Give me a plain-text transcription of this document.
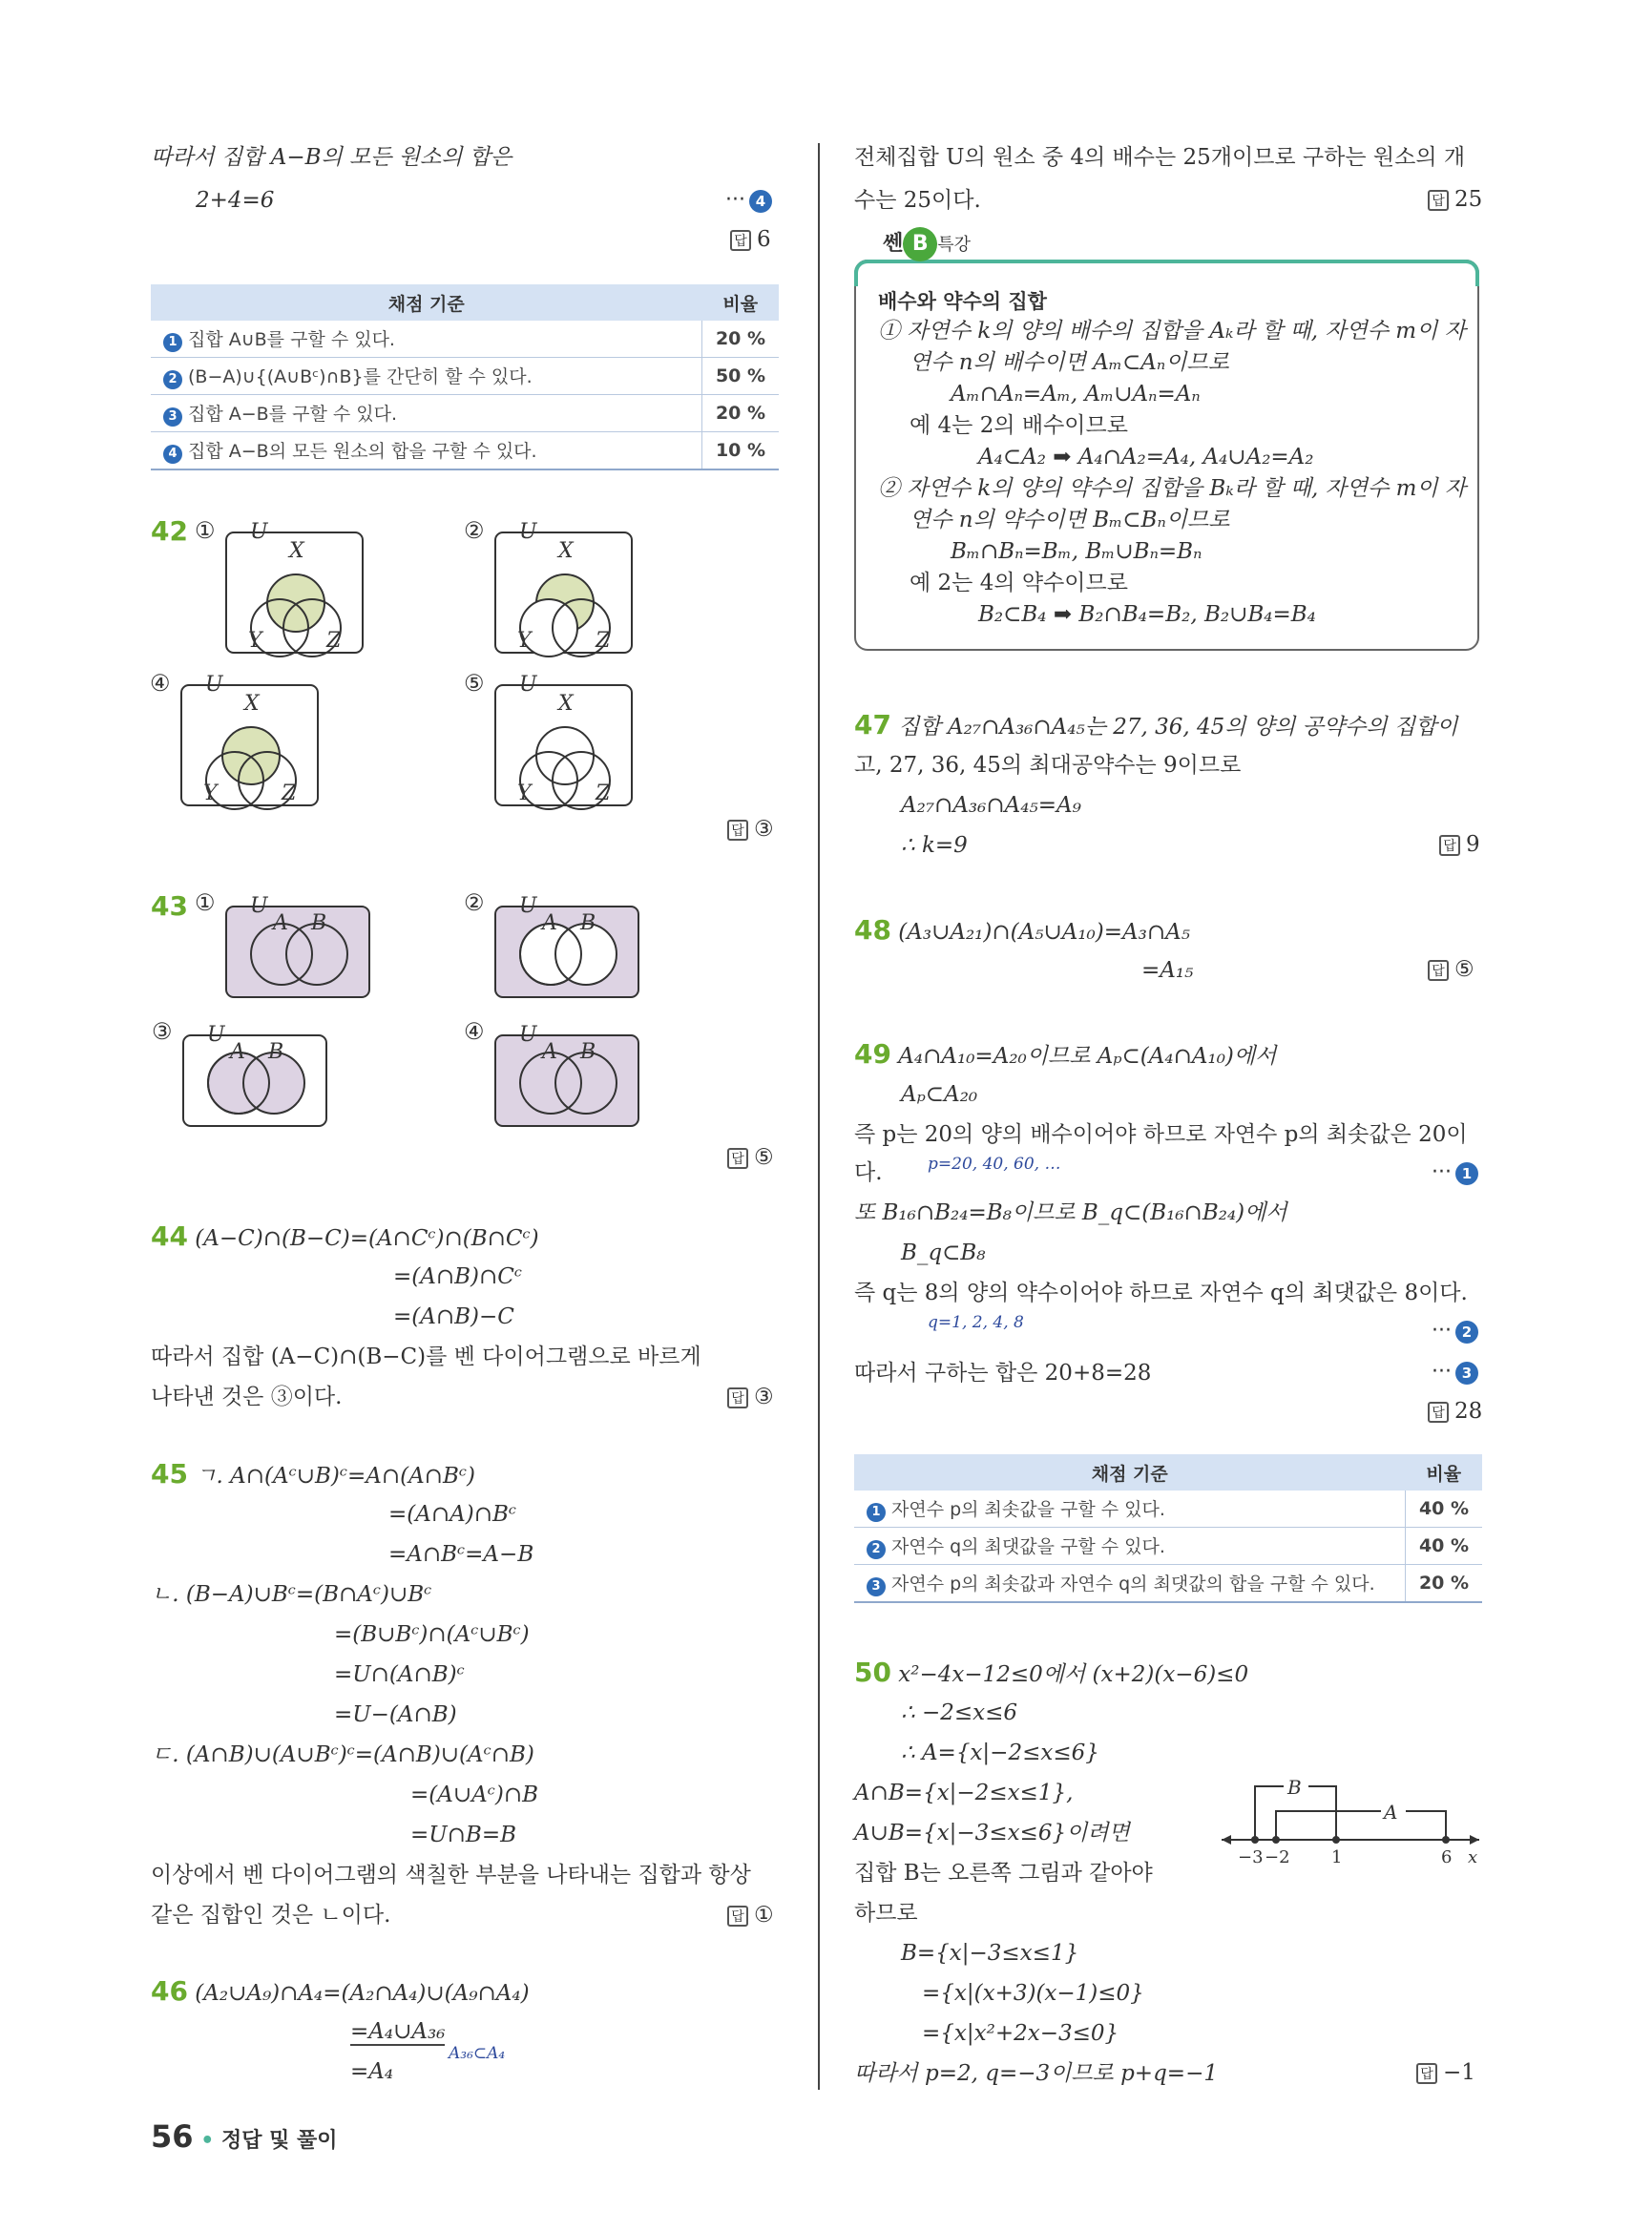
따라서 집합 A−B의 모든 원소의 합은
2+4=6	··· 4
답 6
채점 기준	비율
1 집합 A∪B를 구할 수 있다.	20 %
2 (B−A)∪{(A∪Bᶜ)∩B}를 간단히 할 수 있다.	50 %
3 집합 A−B를 구할 수 있다.	20 %
4 집합 A−B의 모든 원소의 합을 구할 수 있다.	10 %
42 ① U
X
Y	Z
② U
X
Y	Z
④ U
X
Y	Z
⑤ U
X
Y	Z
답 ③
43 ① U
A B
② U
A B
③ U
A B
④ U
A B
답 ⑤
44 (A−C)∩(B−C)=(A∩Cᶜ)∩(B∩Cᶜ)
=(A∩B)∩Cᶜ
=(A∩B)−C
따라서 집합 (A−C)∩(B−C)를 벤 다이어그램으로 바르게
나타낸 것은 ③이다.	답 ③
45 ㄱ. A∩(Aᶜ∪B)ᶜ=A∩(A∩Bᶜ)
=(A∩A)∩Bᶜ
=A∩Bᶜ=A−B
ㄴ. (B−A)∪Bᶜ=(B∩Aᶜ)∪Bᶜ
=(B∪Bᶜ)∩(Aᶜ∪Bᶜ)
=U∩(A∩B)ᶜ
=U−(A∩B)
ㄷ. (A∩B)∪(A∪Bᶜ)ᶜ=(A∩B)∪(Aᶜ∩B)
=(A∪Aᶜ)∩B
=U∩B=B
이상에서 벤 다이어그램의 색칠한 부분을 나타내는 집합과 항상
같은 집합인 것은 ㄴ이다.	답 ①
46 (A₂∪A₉)∩A₄=(A₂∩A₄)∪(A₉∩A₄)
=A₄∪A₃₆
A₃₆⊂A₄
=A₄
전체집합 U의 원소 중 4의 배수는 25개이므로 구하는 원소의 개
수는 25이다.	답 25
쎈 B 특강
배수와 약수의 집합
① 자연수 k의 양의 배수의 집합을 Aₖ라 할 때, 자연수 m이 자
연수 n의 배수이면 Aₘ⊂Aₙ이므로
Aₘ∩Aₙ=Aₘ, Aₘ∪Aₙ=Aₙ
예 4는 2의 배수이므로
A₄⊂A₂ ➡ A₄∩A₂=A₄, A₄∪A₂=A₂
② 자연수 k의 양의 약수의 집합을 Bₖ라 할 때, 자연수 m이 자
연수 n의 약수이면 Bₘ⊂Bₙ이므로
Bₘ∩Bₙ=Bₘ, Bₘ∪Bₙ=Bₙ
예 2는 4의 약수이므로
B₂⊂B₄ ➡ B₂∩B₄=B₂, B₂∪B₄=B₄
47 집합 A₂₇∩A₃₆∩A₄₅는 27, 36, 45의 양의 공약수의 집합이
고, 27, 36, 45의 최대공약수는 9이므로
A₂₇∩A₃₆∩A₄₅=A₉
∴ k=9	답 9
48 (A₃∪A₂₁)∩(A₅∪A₁₀)=A₃∩A₅
=A₁₅	답 ⑤
49 A₄∩A₁₀=A₂₀이므로 Aₚ⊂(A₄∩A₁₀)에서
Aₚ⊂A₂₀
즉 p는 20의 양의 배수이어야 하므로 자연수 p의 최솟값은 20이
다.	p=20, 40, 60, …	··· 1
또 B₁₆∩B₂₄=B₈이므로 B_q⊂(B₁₆∩B₂₄)에서
B_q⊂B₈
즉 q는 8의 양의 약수이어야 하므로 자연수 q의 최댓값은 8이다.
q=1, 2, 4, 8	··· 2
따라서 구하는 합은 20+8=28	··· 3
답 28
채점 기준	비율
1 자연수 p의 최솟값을 구할 수 있다.	40 %
2 자연수 q의 최댓값을 구할 수 있다.	40 %
3 자연수 p의 최솟값과 자연수 q의 최댓값의 합을 구할 수 있다.	20 %
50 x²−4x−12≤0에서 (x+2)(x−6)≤0
∴ −2≤x≤6
∴ A={x|−2≤x≤6}
A∩B={x|−2≤x≤1},
A∪B={x|−3≤x≤6}이려면
집합 B는 오른쪽 그림과 같아야
하므로
B={x|−3≤x≤1}
={x|(x+3)(x−1)≤0}
={x|x²+2x−3≤0}
따라서 p=2, q=−3이므로 p+q=−1	답 −1
B
A
−3 −2 1	6 x
56 • 정답 및 풀이
